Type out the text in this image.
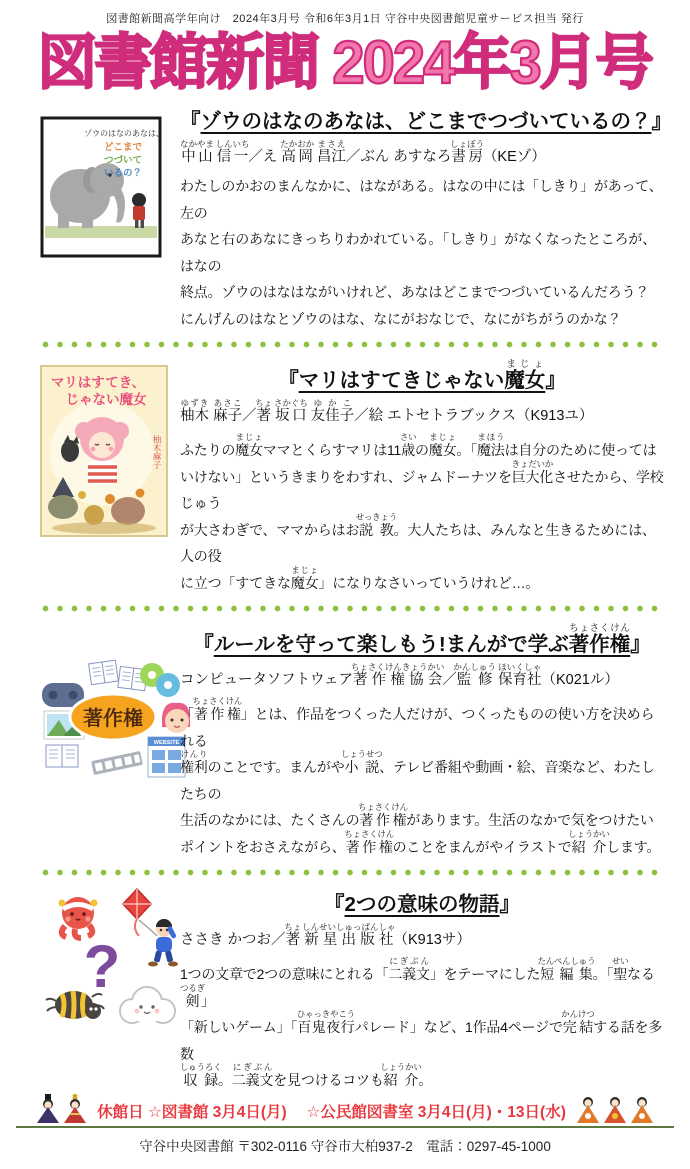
図書館新聞高学年向け　2024年3月号 令和6年3月1日 守谷中央図書館児童サービス担当 発行
図書館新聞 2024年3月号
ゾウのはなのあなは、
どこまで
つづいて
いるの？
『ゾウのはなのあなは、どこまでつづいているの？』
中山なかやま 信一しんいち／え 高岡たかおか 昌江まさえ／ぶん あすなろ書房しょぼう（KEゾ）

わたしのかおのまんなかに、はながある。はなの中には「しきり」があって、左の
あなと右のあなにきっちりわかれている。「しきり」がなくなったところが、はなの
終点。ゾウのはなはながいけれど、あなはどこまでつづいているんだろう？
にんげんのはなとゾウのはな、なにがおなじで、なにがちがうのかな？

マリはすてき、
じゃない魔女
柚木麻子
『マリはすてきじゃない魔女まじょ』
柚木ゆずき 麻子あさこ／著ちょ 坂口さかぐち 友佳子ゆかこ／絵 エトセトラブックス（K913ユ）

ふたりの魔女まじょママとくらすマリは11歳さいの魔女まじょ。「魔法まほうは自分のために使っては
いけない」というきまりをわすれ、ジャムドーナツを巨大化きょだいかさせたから、学校じゅう
が大さわぎで、ママからはお説教せっきょう。大人たちは、みんなと生きるためには、人の役
に立つ「すてきな魔女まじょ」になりなさいっていうけれど…。

WEBSITE
著作権
『ルールを守って楽しもう!まんがで学ぶ著作権ちょさくけん』
コンピュータソフトウェア著作権協会ちょさくけんきょうかい／監修かんしゅう 保育社ほいくしゃ（K021ル）

「著作権ちょさくけん」とは、作品をつくった人だけが、つくったものの使い方を決められる
権利けんりのことです。まんがや小説しょうせつ、テレビ番組や動画・絵、音楽など、わたしたちの
生活のなかには、たくさんの著作権ちょさくけんがあります。生活のなかで気をつけたい
ポイントをおさえながら、著作権ちょさくけんのことをまんがやイラストで紹介しょうかいします。

?
『2つの意味の物語』
ささき かつお／著ちょ 新星出版社しんせいしゅっぱんしゃ（K913サ）

1つの文章で2つの意味にとれる「二義文にぎぶん」をテーマにした短編集たんぺんしゅう。「聖せいなる剣つるぎ」
「新しいゲーム」「百鬼夜行ひゃっきやこうパレード」など、1作品4ページで完結かんけつする話を多数
収録しゅうろく。二義文にぎぶんを見つけるコツも紹介しょうかい。

休館日 ☆図書館 3月4日(月)　 ☆公民館図書室 3月4日(月)・13日(水)
守谷中央図書館 〒302-0116 守谷市大柏937-2　電話：0297-45-1000
